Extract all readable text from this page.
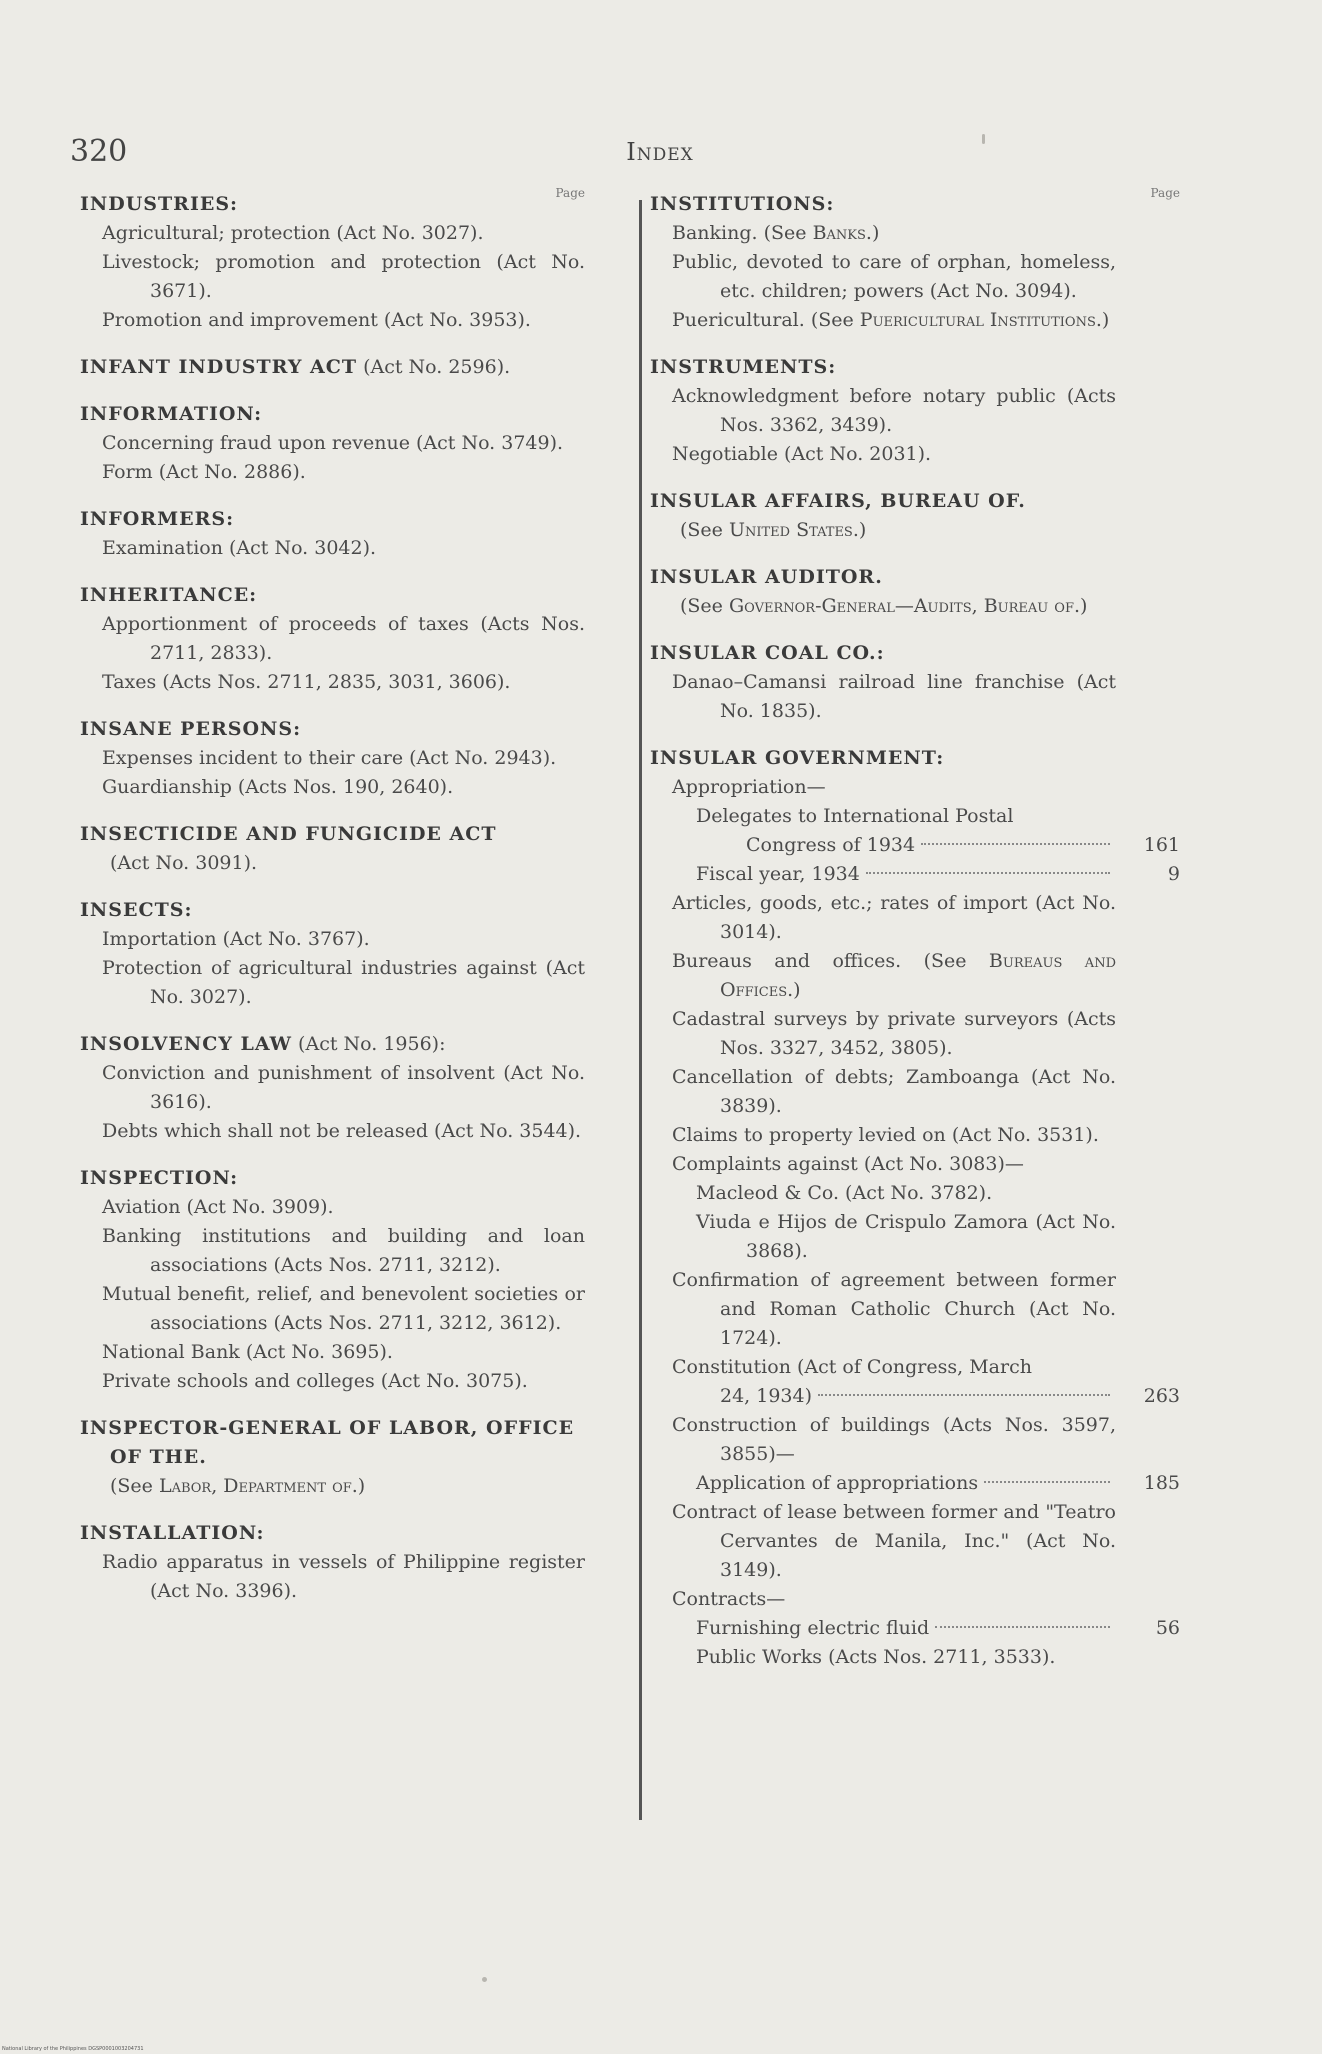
320	Index
Page
INDUSTRIES:
Agricultural; protection (Act No. 3027).
Livestock; promotion and protection (Act No. 3671).
Promotion and improvement (Act No. 3953).
INFANT INDUSTRY ACT (Act No. 2596).
INFORMATION:
Concerning fraud upon revenue (Act No. 3749).
Form (Act No. 2886).
INFORMERS:
Examination (Act No. 3042).
INHERITANCE:
Apportionment of proceeds of taxes (Acts Nos. 2711, 2833).
Taxes (Acts Nos. 2711, 2835, 3031, 3606).
INSANE PERSONS:
Expenses incident to their care (Act No. 2943).
Guardianship (Acts Nos. 190, 2640).
INSECTICIDE AND FUNGICIDE ACT
(Act No. 3091).
INSECTS:
Importation (Act No. 3767).
Protection of agricultural industries against (Act No. 3027).
INSOLVENCY LAW (Act No. 1956):
Conviction and punishment of insolvent (Act No. 3616).
Debts which shall not be released (Act No. 3544).
INSPECTION:
Aviation (Act No. 3909).
Banking institutions and building and loan associations (Acts Nos. 2711, 3212).
Mutual benefit, relief, and benevolent societies or associations (Acts Nos. 2711, 3212, 3612).
National Bank (Act No. 3695).
Private schools and colleges (Act No. 3075).
INSPECTOR-GENERAL OF LABOR, OFFICE OF THE.
(See Labor, Department of.)
INSTALLATION:
Radio apparatus in vessels of Philippine register (Act No. 3396).
Page
INSTITUTIONS:
Banking. (See Banks.)
Public, devoted to care of orphan, homeless, etc. children; powers (Act No. 3094).
Puericultural. (See Puericultural Institutions.)
INSTRUMENTS:
Acknowledgment before notary public (Acts Nos. 3362, 3439).
Negotiable (Act No. 2031).
INSULAR AFFAIRS, BUREAU OF.
(See United States.)
INSULAR AUDITOR.
(See Governor-General—Audits, Bureau of.)
INSULAR COAL CO.:
Danao–Camansi railroad line franchise (Act No. 1835).
INSULAR GOVERNMENT:
Appropriation—
Delegates to International Postal
Congress of 1934	161
Fiscal year, 1934	9
Articles, goods, etc.; rates of import (Act No. 3014).
Bureaus and offices. (See Bureaus and Offices.)
Cadastral surveys by private surveyors (Acts Nos. 3327, 3452, 3805).
Cancellation of debts; Zamboanga (Act No. 3839).
Claims to property levied on (Act No. 3531).
Complaints against (Act No. 3083)—
Macleod & Co. (Act No. 3782).
Viuda e Hijos de Crispulo Zamora (Act No. 3868).
Confirmation of agreement between former and Roman Catholic Church (Act No. 1724).
Constitution (Act of Congress, March
24, 1934)	263
Construction of buildings (Acts Nos. 3597, 3855)—
Application of appropriations	185
Contract of lease between former and "Teatro Cervantes de Manila, Inc." (Act No. 3149).
Contracts—
Furnishing electric fluid	56
Public Works (Acts Nos. 2711, 3533).
National Library of the Philippines DGSP0001003204731
